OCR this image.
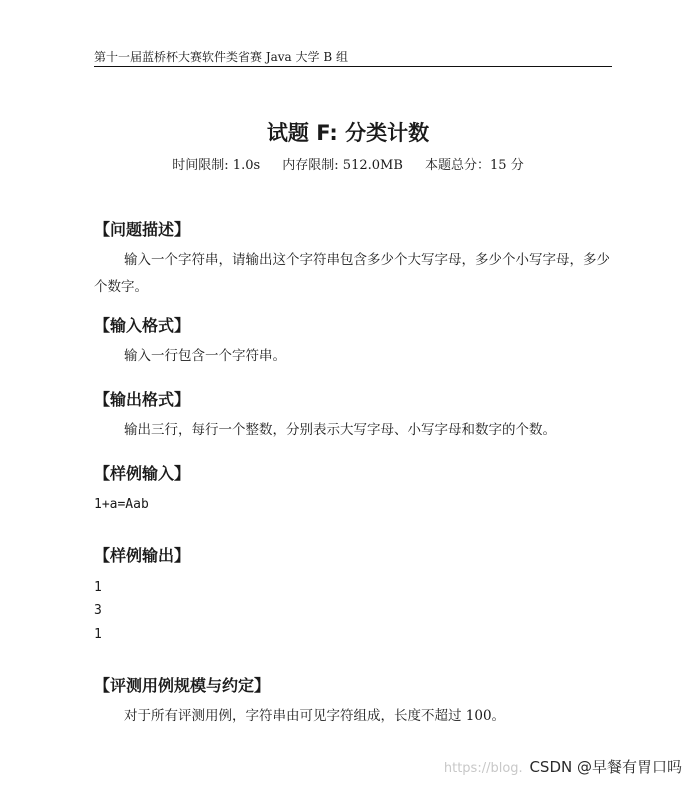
第十一届蓝桥杯大赛软件类省赛 Java 大学 B 组
试题 F: 分类计数
时间限制: 1.0s 内存限制: 512.0MB 本题总分：15 分
【问题描述】
输入一个字符串，请输出这个字符串包含多少个大写字母，多少个小写字母，多少个数字。
【输入格式】
输入一行包含一个字符串。
【输出格式】
输出三行，每行一个整数，分别表示大写字母、小写字母和数字的个数。
【样例输入】
1+a=Aab
【样例输出】
1
3
1
【评测用例规模与约定】
对于所有评测用例，字符串由可见字符组成，长度不超过 100。
https://blog. CSDN @早餐有胃口吗
